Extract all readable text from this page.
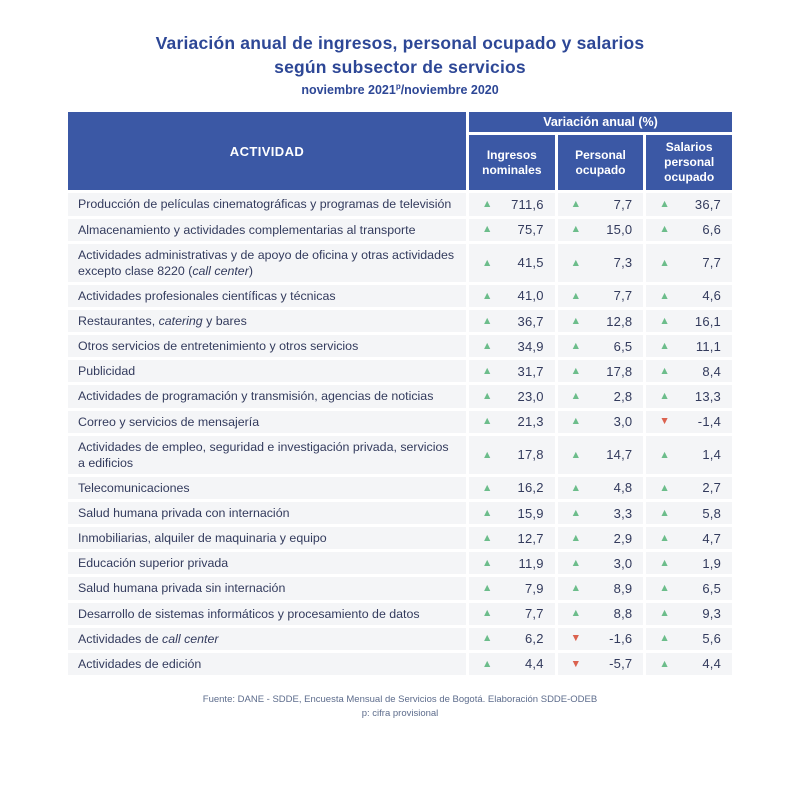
Variación anual de ingresos, personal ocupado y salarios
según subsector de servicios
noviembre 2021$^p$/noviembre 2020
ACTIVIDAD	Variación anual (%)		
	Ingresos nominales	Personal ocupado	Salarios personal ocupado
Producción de películas cinematográficas y programas de televisión	▲ 711,6	▲ 7,7	▲ 36,7

Almacenamiento y actividades complementarias al transporte	▲ 75,7	▲ 15,0	▲ 6,6

Actividades administrativas y de apoyo de oficina y otras actividades excepto clase 8220 (call center)	▲ 41,5	▲ 7,3	▲ 7,7

Actividades profesionales científicas y técnicas	▲ 41,0	▲ 7,7	▲ 4,6

Restaurantes, catering y bares	▲ 36,7	▲ 12,8	▲ 16,1

Otros servicios de entretenimiento y otros servicios	▲ 34,9	▲ 6,5	▲ 11,1

Publicidad	▲ 31,7	▲ 17,8	▲ 8,4

Actividades de programación y transmisión, agencias de noticias	▲ 23,0	▲ 2,8	▲ 13,3

Correo y servicios de mensajería	▲ 21,3	▲ 3,0	▼ -1,4

Actividades de empleo, seguridad e investigación privada, servicios a edificios	▲ 17,8	▲ 14,7	▲ 1,4

Telecomunicaciones	▲ 16,2	▲ 4,8	▲ 2,7

Salud humana privada con internación	▲ 15,9	▲ 3,3	▲ 5,8

Inmobiliarias, alquiler de maquinaria y equipo	▲ 12,7	▲ 2,9	▲ 4,7

Educación superior privada	▲ 11,9	▲ 3,0	▲ 1,9

Salud humana privada sin internación	▲ 7,9	▲ 8,9	▲ 6,5

Desarrollo de sistemas informáticos y procesamiento de datos	▲ 7,7	▲ 8,8	▲ 9,3

Actividades de call center	▲ 6,2	▼ -1,6	▲ 5,6

Actividades de edición	▲ 4,4	▼ -5,7	▲ 4,4
Fuente: DANE - SDDE, Encuesta Mensual de Servicios de Bogotá. Elaboración SDDE-ODEB
p: cifra provisional
